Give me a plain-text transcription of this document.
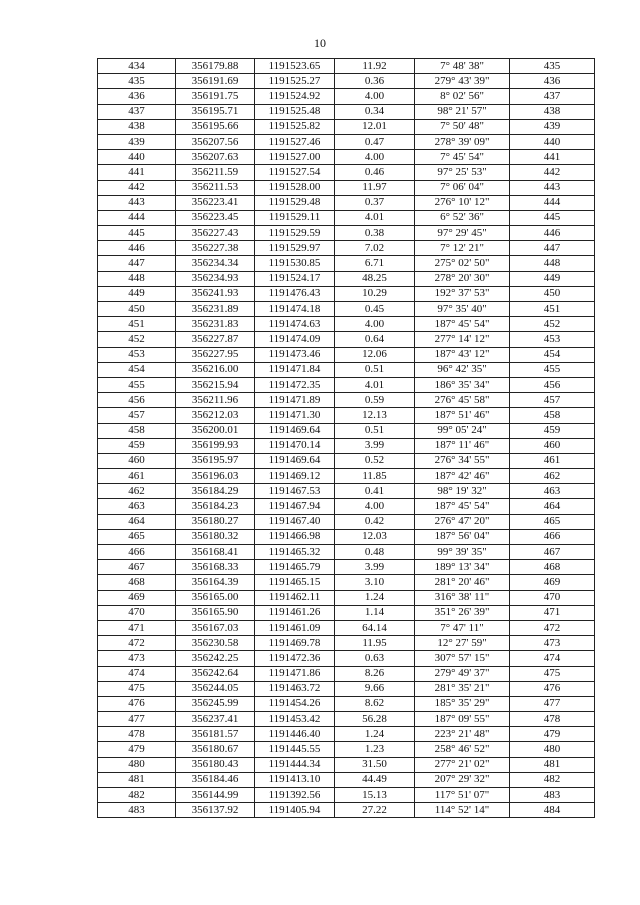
10
434	356179.88	1191523.65	11.92	7° 48' 38"	435
435	356191.69	1191525.27	0.36	279° 43' 39"	436
436	356191.75	1191524.92	4.00	8° 02' 56"	437
437	356195.71	1191525.48	0.34	98° 21' 57"	438
438	356195.66	1191525.82	12.01	7° 50' 48"	439
439	356207.56	1191527.46	0.47	278° 39' 09"	440
440	356207.63	1191527.00	4.00	7° 45' 54"	441
441	356211.59	1191527.54	0.46	97° 25' 53"	442
442	356211.53	1191528.00	11.97	7° 06' 04"	443
443	356223.41	1191529.48	0.37	276° 10' 12"	444
444	356223.45	1191529.11	4.01	6° 52' 36"	445
445	356227.43	1191529.59	0.38	97° 29' 45"	446
446	356227.38	1191529.97	7.02	7° 12' 21"	447
447	356234.34	1191530.85	6.71	275° 02' 50"	448
448	356234.93	1191524.17	48.25	278° 20' 30"	449
449	356241.93	1191476.43	10.29	192° 37' 53"	450
450	356231.89	1191474.18	0.45	97° 35' 40"	451
451	356231.83	1191474.63	4.00	187° 45' 54"	452
452	356227.87	1191474.09	0.64	277° 14' 12"	453
453	356227.95	1191473.46	12.06	187° 43' 12"	454
454	356216.00	1191471.84	0.51	96° 42' 35"	455
455	356215.94	1191472.35	4.01	186° 35' 34"	456
456	356211.96	1191471.89	0.59	276° 45' 58"	457
457	356212.03	1191471.30	12.13	187° 51' 46"	458
458	356200.01	1191469.64	0.51	99° 05' 24"	459
459	356199.93	1191470.14	3.99	187° 11' 46"	460
460	356195.97	1191469.64	0.52	276° 34' 55"	461
461	356196.03	1191469.12	11.85	187° 42' 46"	462
462	356184.29	1191467.53	0.41	98° 19' 32"	463
463	356184.23	1191467.94	4.00	187° 45' 54"	464
464	356180.27	1191467.40	0.42	276° 47' 20"	465
465	356180.32	1191466.98	12.03	187° 56' 04"	466
466	356168.41	1191465.32	0.48	99° 39' 35"	467
467	356168.33	1191465.79	3.99	189° 13' 34"	468
468	356164.39	1191465.15	3.10	281° 20' 46"	469
469	356165.00	1191462.11	1.24	316° 38' 11"	470
470	356165.90	1191461.26	1.14	351° 26' 39"	471
471	356167.03	1191461.09	64.14	7° 47' 11"	472
472	356230.58	1191469.78	11.95	12° 27' 59"	473
473	356242.25	1191472.36	0.63	307° 57' 15"	474
474	356242.64	1191471.86	8.26	279° 49' 37"	475
475	356244.05	1191463.72	9.66	281° 35' 21"	476
476	356245.99	1191454.26	8.62	185° 35' 29"	477
477	356237.41	1191453.42	56.28	187° 09' 55"	478
478	356181.57	1191446.40	1.24	223° 21' 48"	479
479	356180.67	1191445.55	1.23	258° 46' 52"	480
480	356180.43	1191444.34	31.50	277° 21' 02"	481
481	356184.46	1191413.10	44.49	207° 29' 32"	482
482	356144.99	1191392.56	15.13	117° 51' 07"	483
483	356137.92	1191405.94	27.22	114° 52' 14"	484
